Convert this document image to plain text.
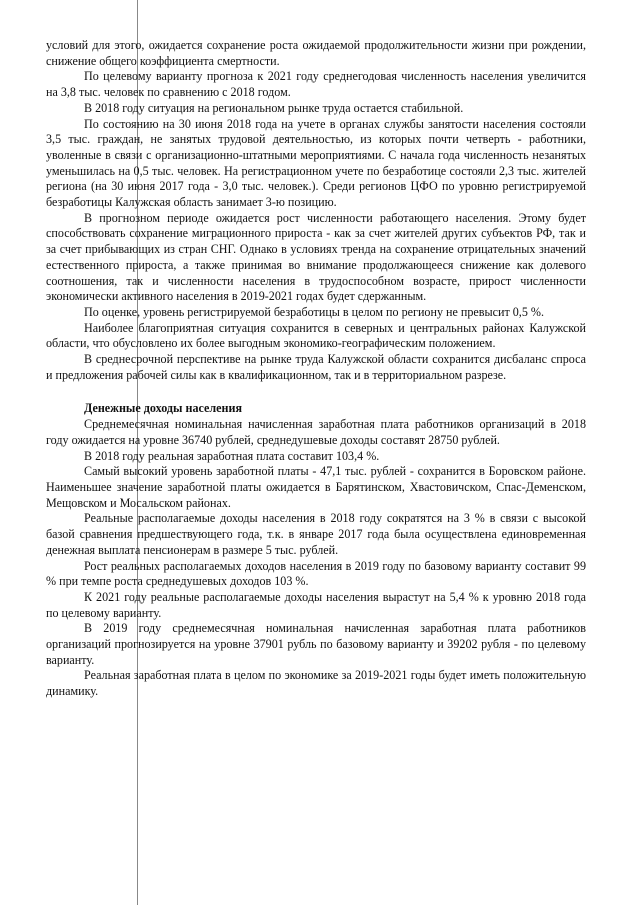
условий для этого, ожидается сохранение роста ожидаемой продолжительности жизни при рождении, снижение общего коэффициента смертности.

По целевому варианту прогноза к 2021 году среднегодовая численность населения увеличится на 3,8 тыс. человек по сравнению с 2018 годом.

В 2018 году ситуация на региональном рынке труда остается стабильной.

По состоянию на 30 июня 2018 года на учете в органах службы занятости населения состояли 3,5 тыс. граждан, не занятых трудовой деятельностью, из которых почти четверть - работники, уволенные в связи с организационно-штатными мероприятиями. С начала года численность незанятых уменьшилась на 0,5 тыс. человек. На регистрационном учете по безработице состояли 2,3 тыс. жителей региона (на 30 июня 2017 года - 3,0 тыс. человек.). Среди регионов ЦФО по уровню регистрируемой безработицы Калужская область занимает 3-ю позицию.

В прогнозном периоде ожидается рост численности работающего населения. Этому будет способствовать сохранение миграционного прироста - как за счет жителей других субъектов РФ, так и за счет прибывающих из стран СНГ. Однако в условиях тренда на сохранение отрицательных значений естественного прироста, а также принимая во внимание продолжающееся снижение как долевого соотношения, так и численности населения в трудоспособном возрасте, прирост численности экономически активного населения в 2019-2021 годах будет сдержанным.

По оценке, уровень регистрируемой безработицы в целом по региону не превысит 0,5 %.

Наиболее благоприятная ситуация сохранится в северных и центральных районах Калужской области, что обусловлено их более выгодным экономико-географическим положением.

В среднесрочной перспективе на рынке труда Калужской области сохранится дисбаланс спроса и предложения рабочей силы как в квалификационном, так и в территориальном разрезе.

Денежные доходы населения

Среднемесячная номинальная начисленная заработная плата работников организаций в 2018 году ожидается на уровне 36740 рублей, среднедушевые доходы составят 28750 рублей.

В 2018 году реальная заработная плата составит 103,4 %.

Самый высокий уровень заработной платы - 47,1 тыс. рублей - сохранится в Боровском районе. Наименьшее значение заработной платы ожидается в Барятинском, Хвастовичском, Спас-Деменском, Мещовском и Мосальском районах.

Реальные располагаемые доходы населения в 2018 году сократятся на 3 % в связи с высокой базой сравнения предшествующего года, т.к. в январе 2017 года была осуществлена единовременная денежная выплата пенсионерам в размере 5 тыс. рублей.

Рост реальных располагаемых доходов населения в 2019 году по базовому варианту составит 99 % при темпе роста среднедушевых доходов 103 %.

К 2021 году реальные располагаемые доходы населения вырастут на 5,4 % к уровню 2018 года по целевому варианту.

В 2019 году среднемесячная номинальная начисленная заработная плата работников организаций прогнозируется на уровне 37901 рубль по базовому варианту и 39202 рубля - по целевому варианту.

Реальная заработная плата в целом по экономике за 2019-2021 годы будет иметь положительную динамику.
